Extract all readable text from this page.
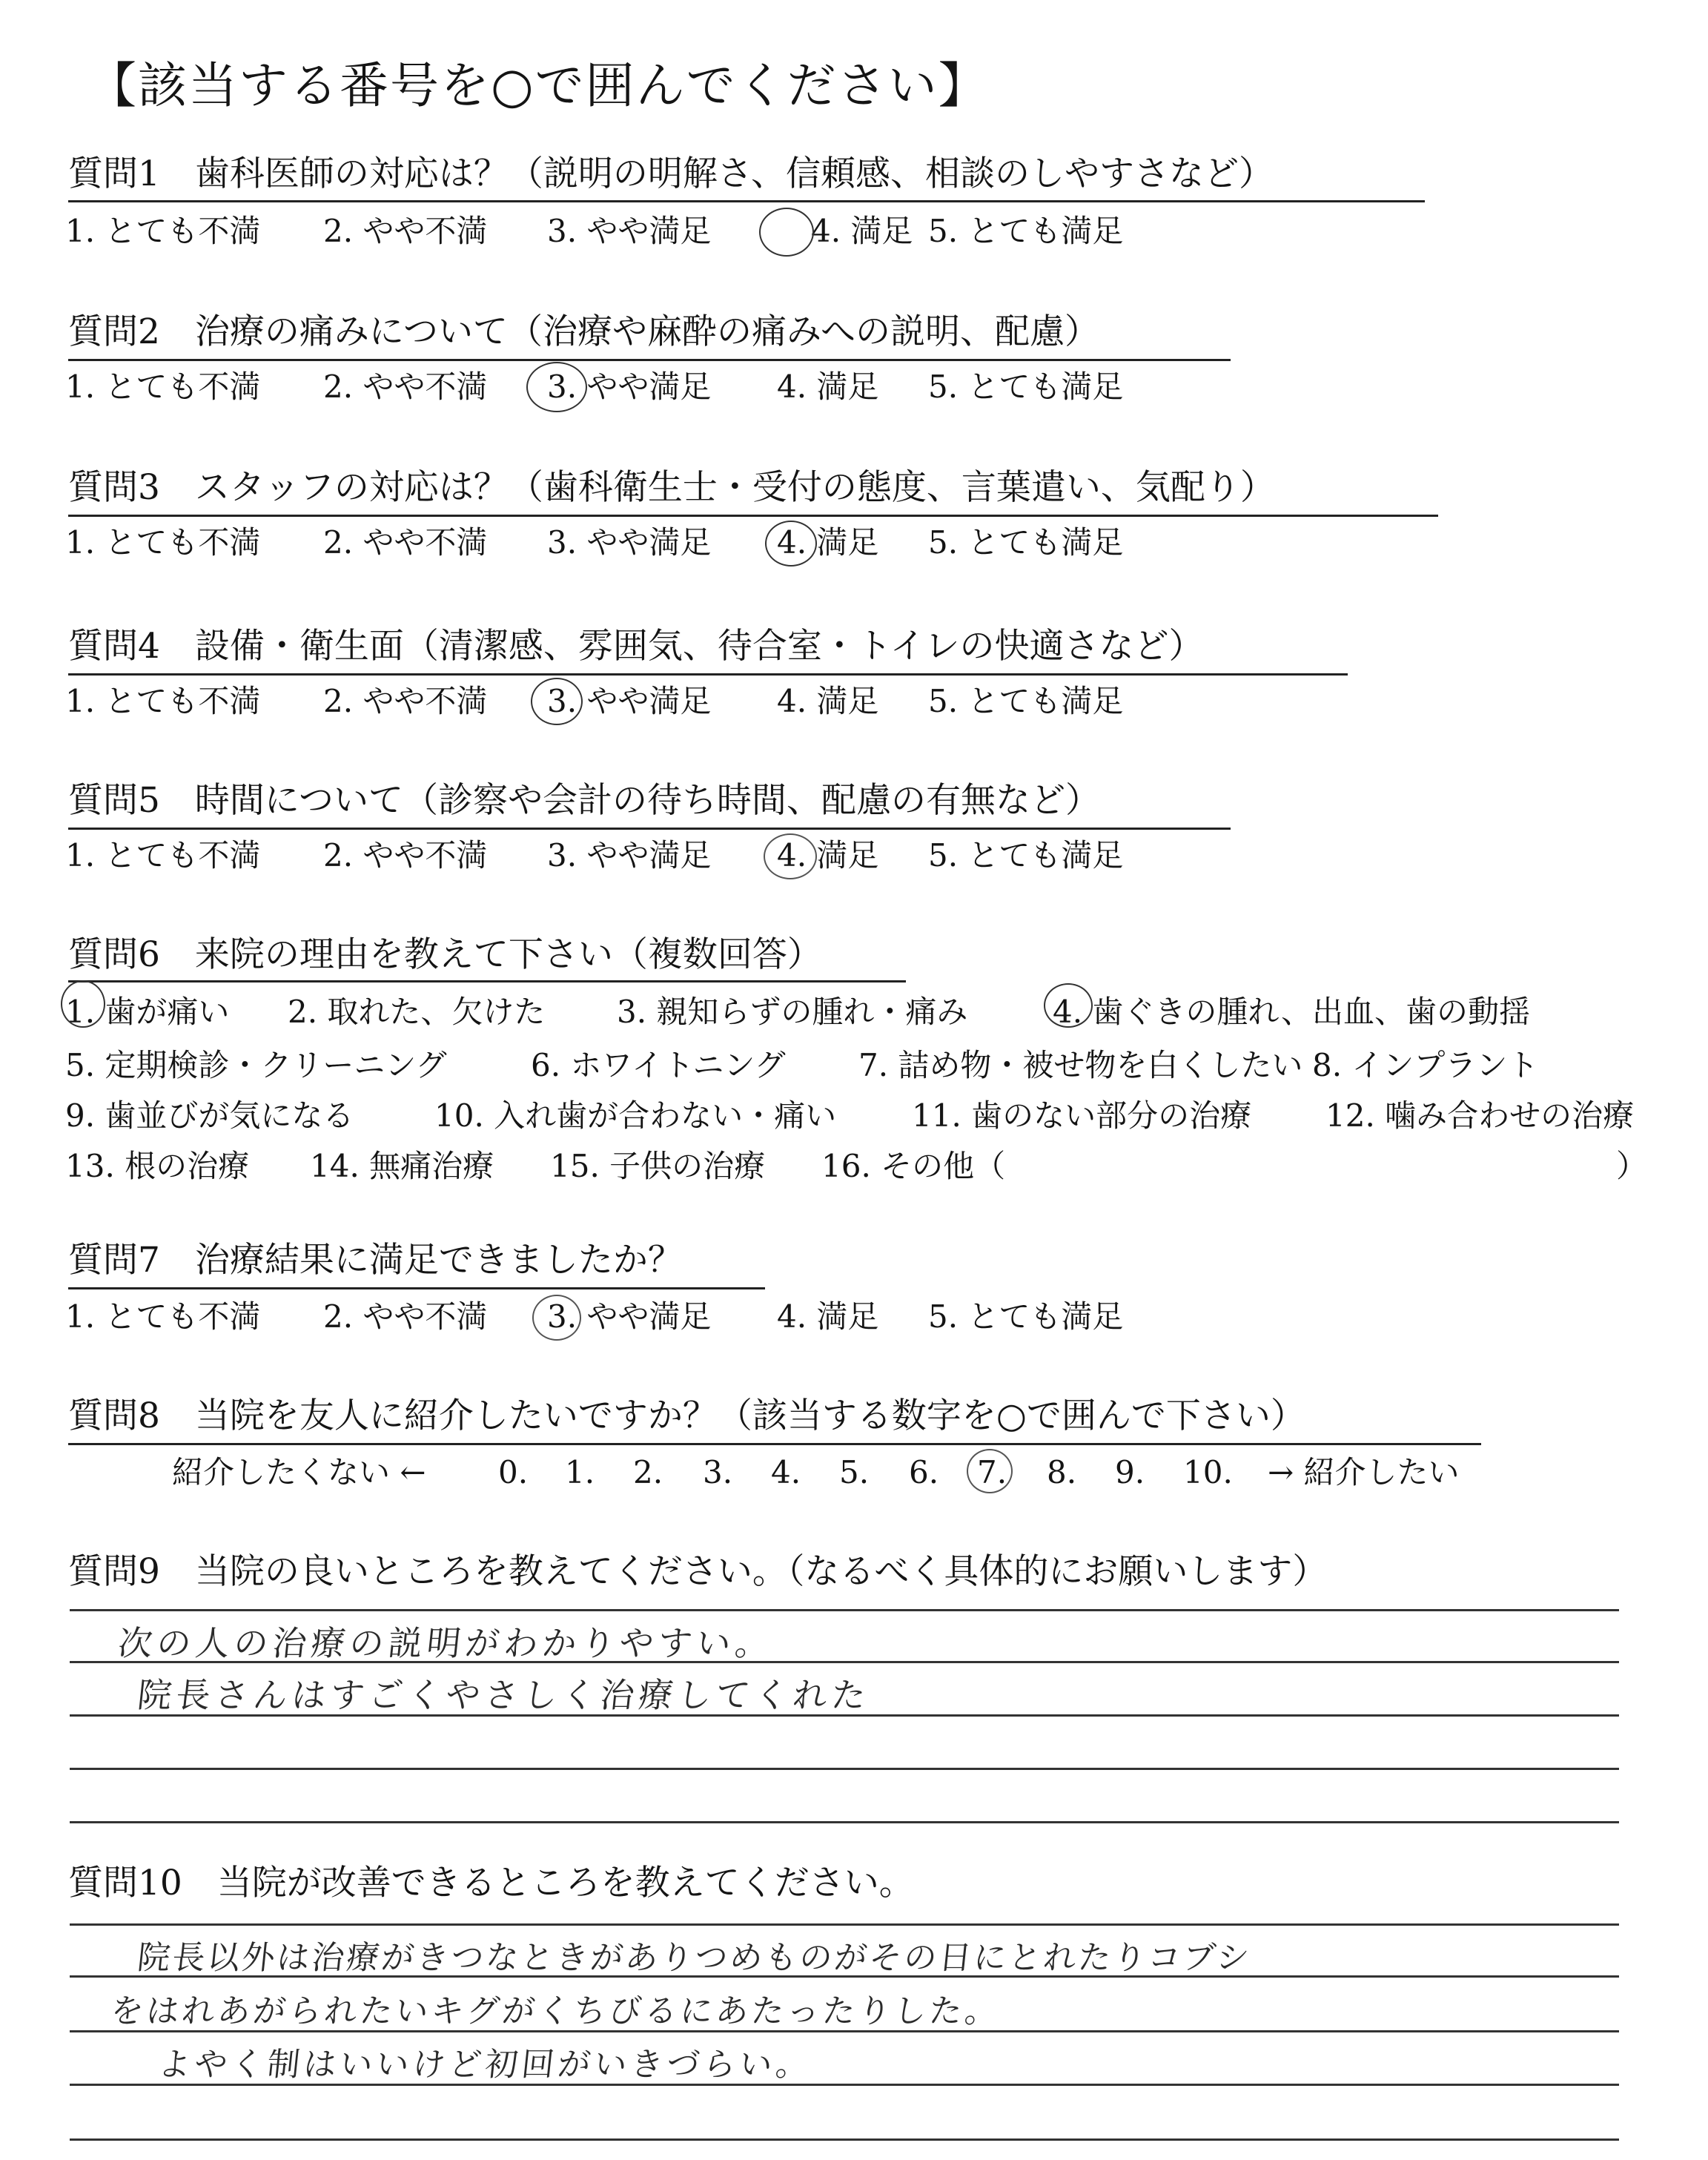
【該当する番号を○で囲んでください】
質問1　歯科医師の対応は？（説明の明解さ、信頼感、相談のしやすさなど）
1. とても不満 2. やや不満 3. やや満足	4. 満足 5. とても満足
質問2　治療の痛みについて（治療や麻酔の痛みへの説明、配慮）
1. とても不満 2. やや不満 3. やや満足 4. 満足 5. とても満足
質問3　スタッフの対応は？（歯科衛生士・受付の態度、言葉遣い、気配り）
1. とても不満 2. やや不満 3. やや満足 4. 満足 5. とても満足
質問4　設備・衛生面（清潔感、雰囲気、待合室・トイレの快適さなど）
1. とても不満 2. やや不満 3. やや満足 4. 満足 5. とても満足
質問5　時間について（診察や会計の待ち時間、配慮の有無など）
1. とても不満 2. やや不満 3. やや満足 4. 満足 5. とても満足
質問6　来院の理由を教えて下さい（複数回答）
1. 歯が痛い 2. 取れた、欠けた 3. 親知らずの腫れ・痛み	4. 歯ぐきの腫れ、出血、歯の動揺
5. 定期検診・クリーニング	6. ホワイトニング 7. 詰め物・被せ物を白くしたい 8. インプラント
9. 歯並びが気になる	10. 入れ歯が合わない・痛い 11. 歯のない部分の治療 12. 噛み合わせの治療
13. 根の治療 14. 無痛治療 15. 子供の治療 16. その他（	）
質問7　治療結果に満足できましたか？
1. とても不満 2. やや不満 3. やや満足 4. 満足 5. とても満足
質問8　当院を友人に紹介したいですか？（該当する数字を○で囲んで下さい）
紹介したくない ← 0. 1. 2. 3. 4. 5. 6. 7. 8. 9. 10. → 紹介したい
質問9　当院の良いところを教えてください。（なるべく具体的にお願いします）
次の人の治療の説明がわかりやすい。
院長さんはすごくやさしく治療してくれた
質問10　当院が改善できるところを教えてください。
院長以外は治療がきつなときがありつめものがその日にとれたりコブシ
をはれあがられたいキグがくちびるにあたったりした。
よやく制はいいけど初回がいきづらい。
